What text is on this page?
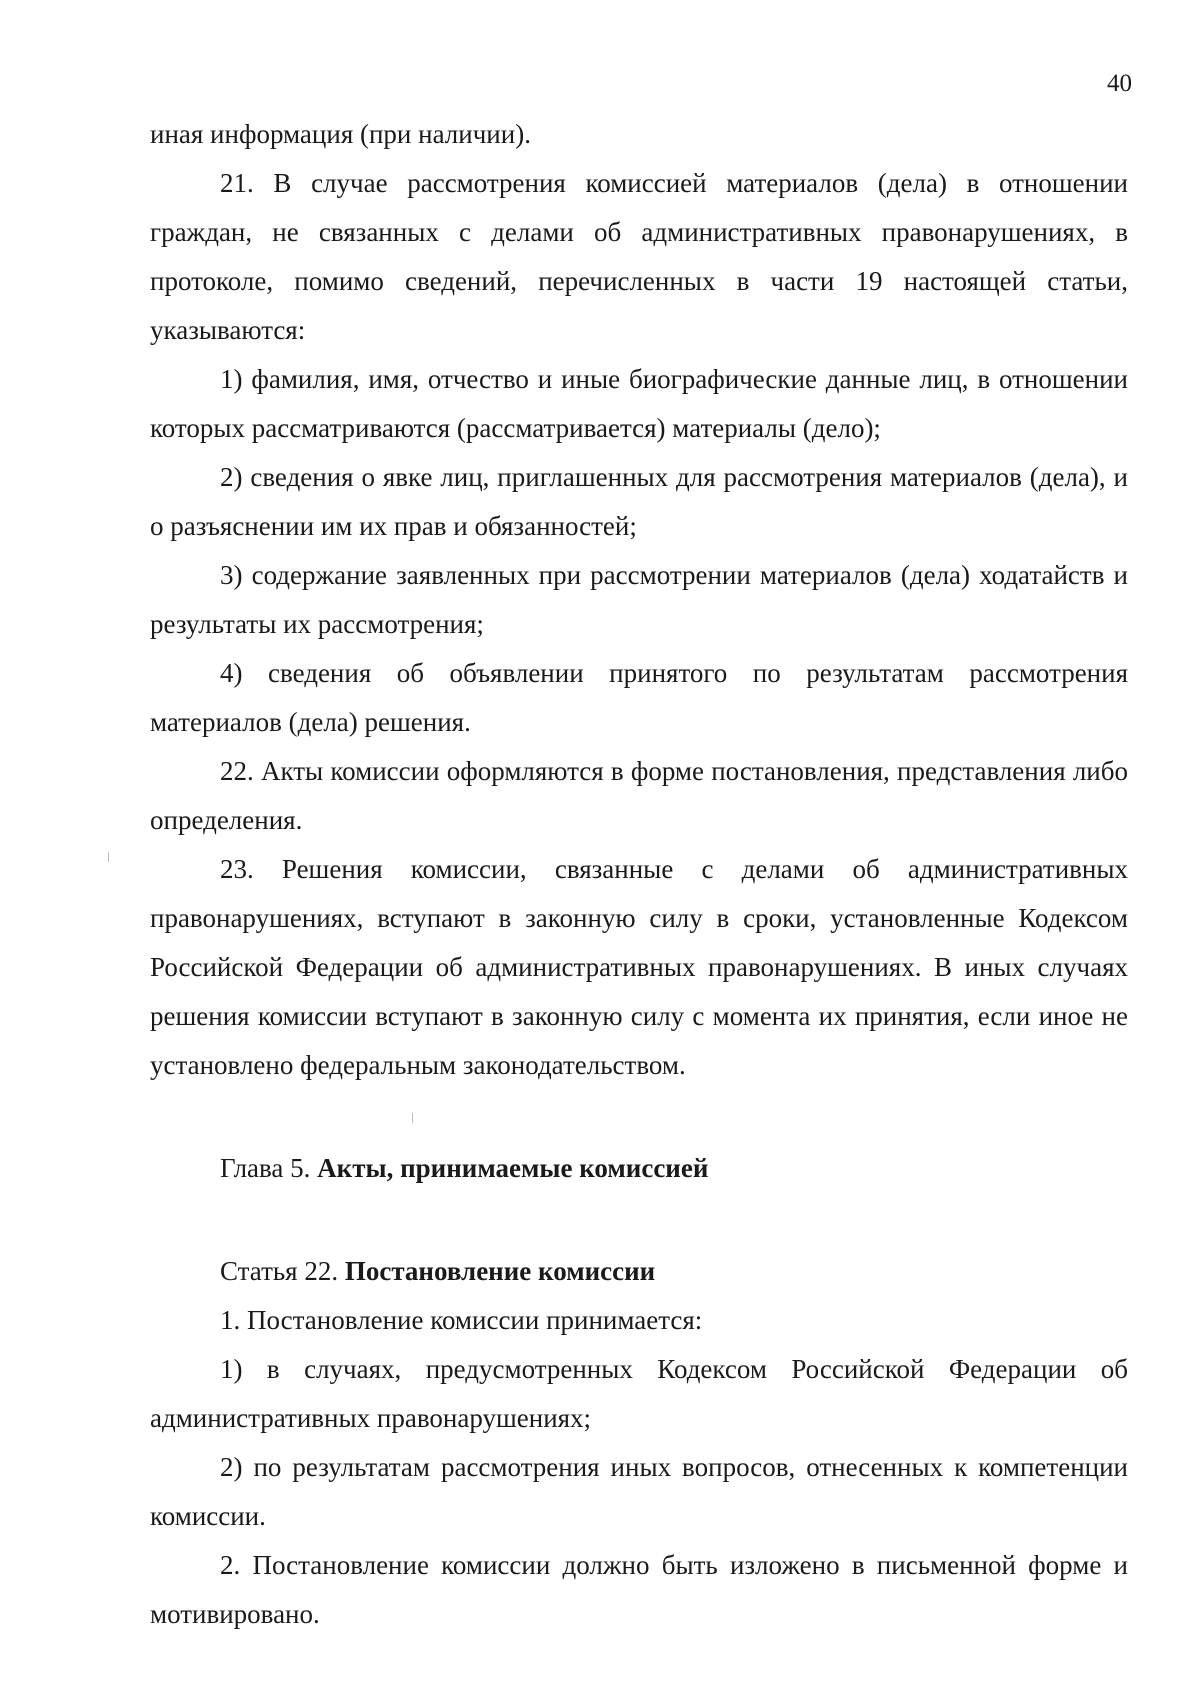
40

иная информация (при наличии).

21. В случае рассмотрения комиссией материалов (дела) в отношении граждан, не связанных с делами об административных правонарушениях, в протоколе, помимо сведений, перечисленных в части 19 настоящей статьи, указываются:

1) фамилия, имя, отчество и иные биографические данные лиц, в отношении которых рассматриваются (рассматривается) материалы (дело);

2) сведения о явке лиц, приглашенных для рассмотрения материалов (дела), и о разъяснении им их прав и обязанностей;

3) содержание заявленных при рассмотрении материалов (дела) ходатайств и результаты их рассмотрения;

4) сведения об объявлении принятого по результатам рассмотрения материалов (дела) решения.

22. Акты комиссии оформляются в форме постановления, представления либо определения.

23. Решения комиссии, связанные с делами об административных правонарушениях, вступают в законную силу в сроки, установленные Кодексом Российской Федерации об административных правонарушениях. В иных случаях решения комиссии вступают в законную силу с момента их принятия, если иное не установлено федеральным законодательством.

Глава 5. Акты, принимаемые комиссией

Статья 22. Постановление комиссии

1. Постановление комиссии принимается:

1) в случаях, предусмотренных Кодексом Российской Федерации об административных правонарушениях;

2) по результатам рассмотрения иных вопросов, отнесенных к компетенции комиссии.

2. Постановление комиссии должно быть изложено в письменной форме и мотивировано.
